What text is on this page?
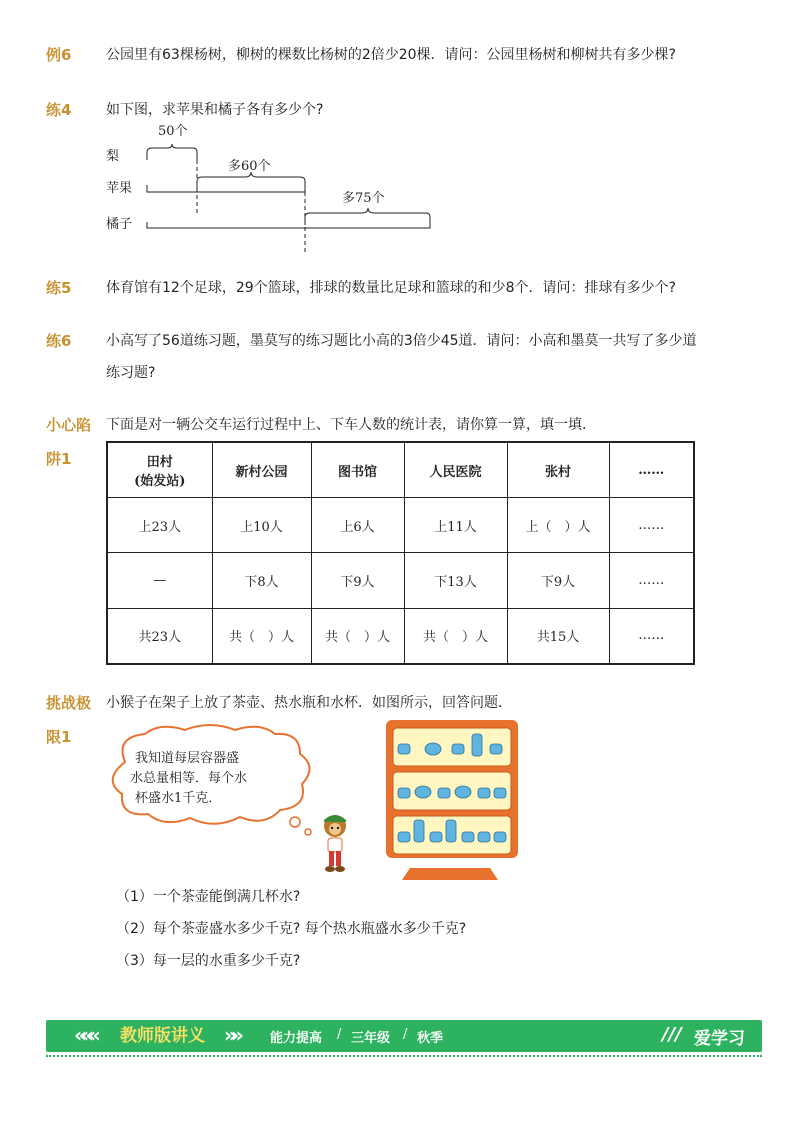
例6	公园里有63棵杨树，柳树的棵数比杨树的2倍少20棵．请问：公园里杨树和柳树共有多少棵?
练4	如下图，求苹果和橘子各有多少个?
梨
苹果
橘子
50个
多60个
多75个
练5	体育馆有12个足球，29个篮球，排球的数量比足球和篮球的和少8个．请问：排球有多少个?
练6	小高写了56道练习题，墨莫写的练习题比小高的3倍少45道．请问：小高和墨莫一共写了多少道
练习题?
小心陷
阱1
下面是对一辆公交车运行过程中上、下车人数的统计表，请你算一算，填一填．
田村
(始发站)	新村公园	图书馆	人民医院	张村	……
上23人	上10人	上6人	上11人	上（　）人	……
—	下8人	下9人	下13人	下9人	……
共23人	共（　）人	共（　）人	共（　）人	共15人	……
挑战极
限1
小猴子在架子上放了茶壶、热水瓶和水杯．如图所示，回答问题．
我知道每层容器盛
水总量相等．每个水
杯盛水1千克．
（1）一个茶壶能倒满几杯水?
（2）每个茶壶盛水多少千克? 每个热水瓶盛水多少千克?
（3）每一层的水重多少千克?
««« 教师版讲义 »» 能力提高 / 三年级 / 秋季	/// 爱学习
